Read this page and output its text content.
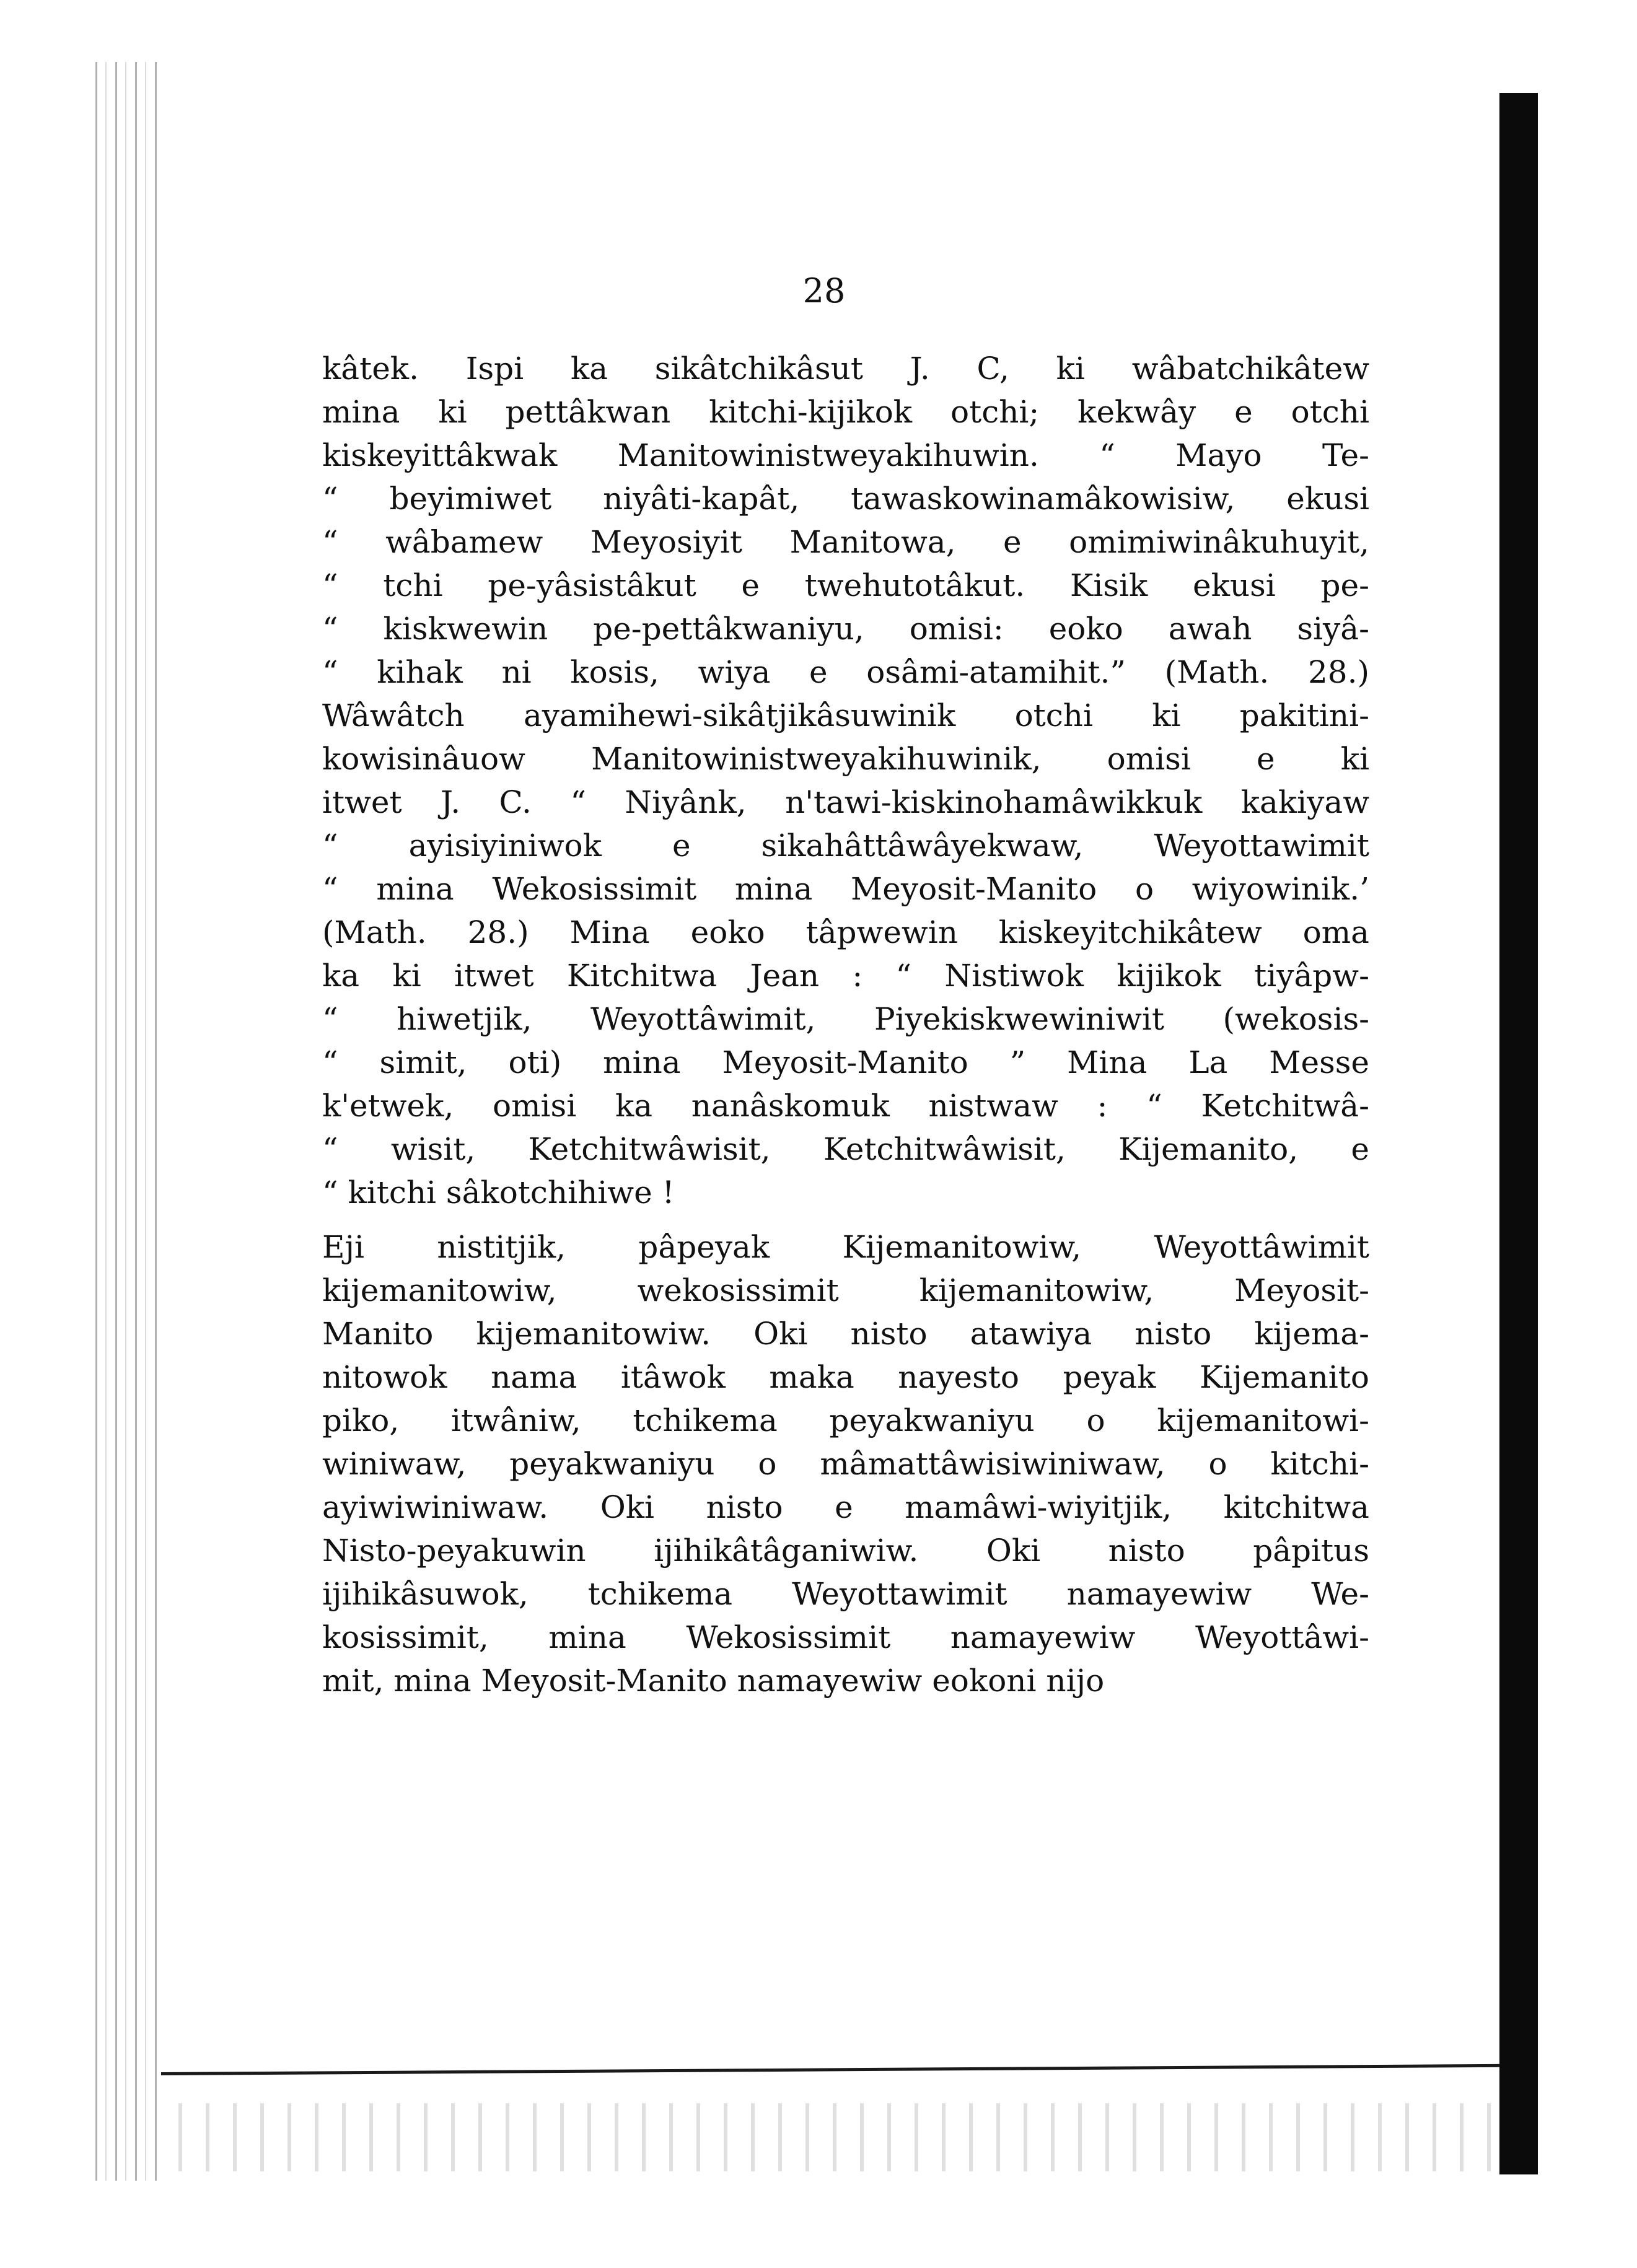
28
kâtek. Ispi ka sikâtchikâsut J. C, ki wâbatchikâtew
mina ki pettâkwan kitchi-kijikok otchi; kekwây e otchi
kiskeyittâkwak Manitowinistweyakihuwin. “ Mayo Te-
“ beyimiwet niyâti-kapât, tawaskowinamâkowisiw, ekusi
“ wâbamew Meyosiyit Manitowa, e omimiwinâkuhuyit,
“ tchi pe-yâsistâkut e twehutotâkut. Kisik ekusi pe-
“ kiskwewin pe-pettâkwaniyu, omisi: eoko awah siyâ-
“ kihak ni kosis, wiya e osâmi-atamihit.” (Math. 28.)
Wâwâtch ayamihewi-sikâtjikâsuwinik otchi ki pakitini-
kowisinâuow Manitowinistweyakihuwinik, omisi e ki
itwet J. C. “ Niyânk, n'tawi-kiskinohamâwikkuk kakiyaw
“ ayisiyiniwok e sikahâttâwâyekwaw, Weyottawimit
“ mina Wekosissimit mina Meyosit-Manito o wiyowinik.’
(Math. 28.) Mina eoko tâpwewin kiskeyitchikâtew oma
ka ki itwet Kitchitwa Jean : “ Nistiwok kijikok tiyâpw-
“ hiwetjik, Weyottâwimit, Piyekiskwewiniwit (wekosis-
“ simit, oti) mina Meyosit-Manito ” Mina La Messe
k'etwek, omisi ka nanâskomuk nistwaw : “ Ketchitwâ-
“ wisit, Ketchitwâwisit, Ketchitwâwisit, Kijemanito, e
“ kitchi sâkotchihiwe !
Eji nistitjik, pâpeyak Kijemanitowiw, Weyottâwimit
kijemanitowiw, wekosissimit kijemanitowiw, Meyosit-
Manito kijemanitowiw. Oki nisto atawiya nisto kijema-
nitowok nama itâwok maka nayesto peyak Kijemanito
piko, itwâniw, tchikema peyakwaniyu o kijemanitowi-
winiwaw, peyakwaniyu o mâmattâwisiwiniwaw, o kitchi-
ayiwiwiniwaw. Oki nisto e mamâwi-wiyitjik, kitchitwa
Nisto-peyakuwin ijihikâtâganiwiw. Oki nisto pâpitus
ijihikâsuwok, tchikema Weyottawimit namayewiw We-
kosissimit, mina Wekosissimit namayewiw Weyottâwi-
mit, mina Meyosit-Manito namayewiw eokoni nijo
